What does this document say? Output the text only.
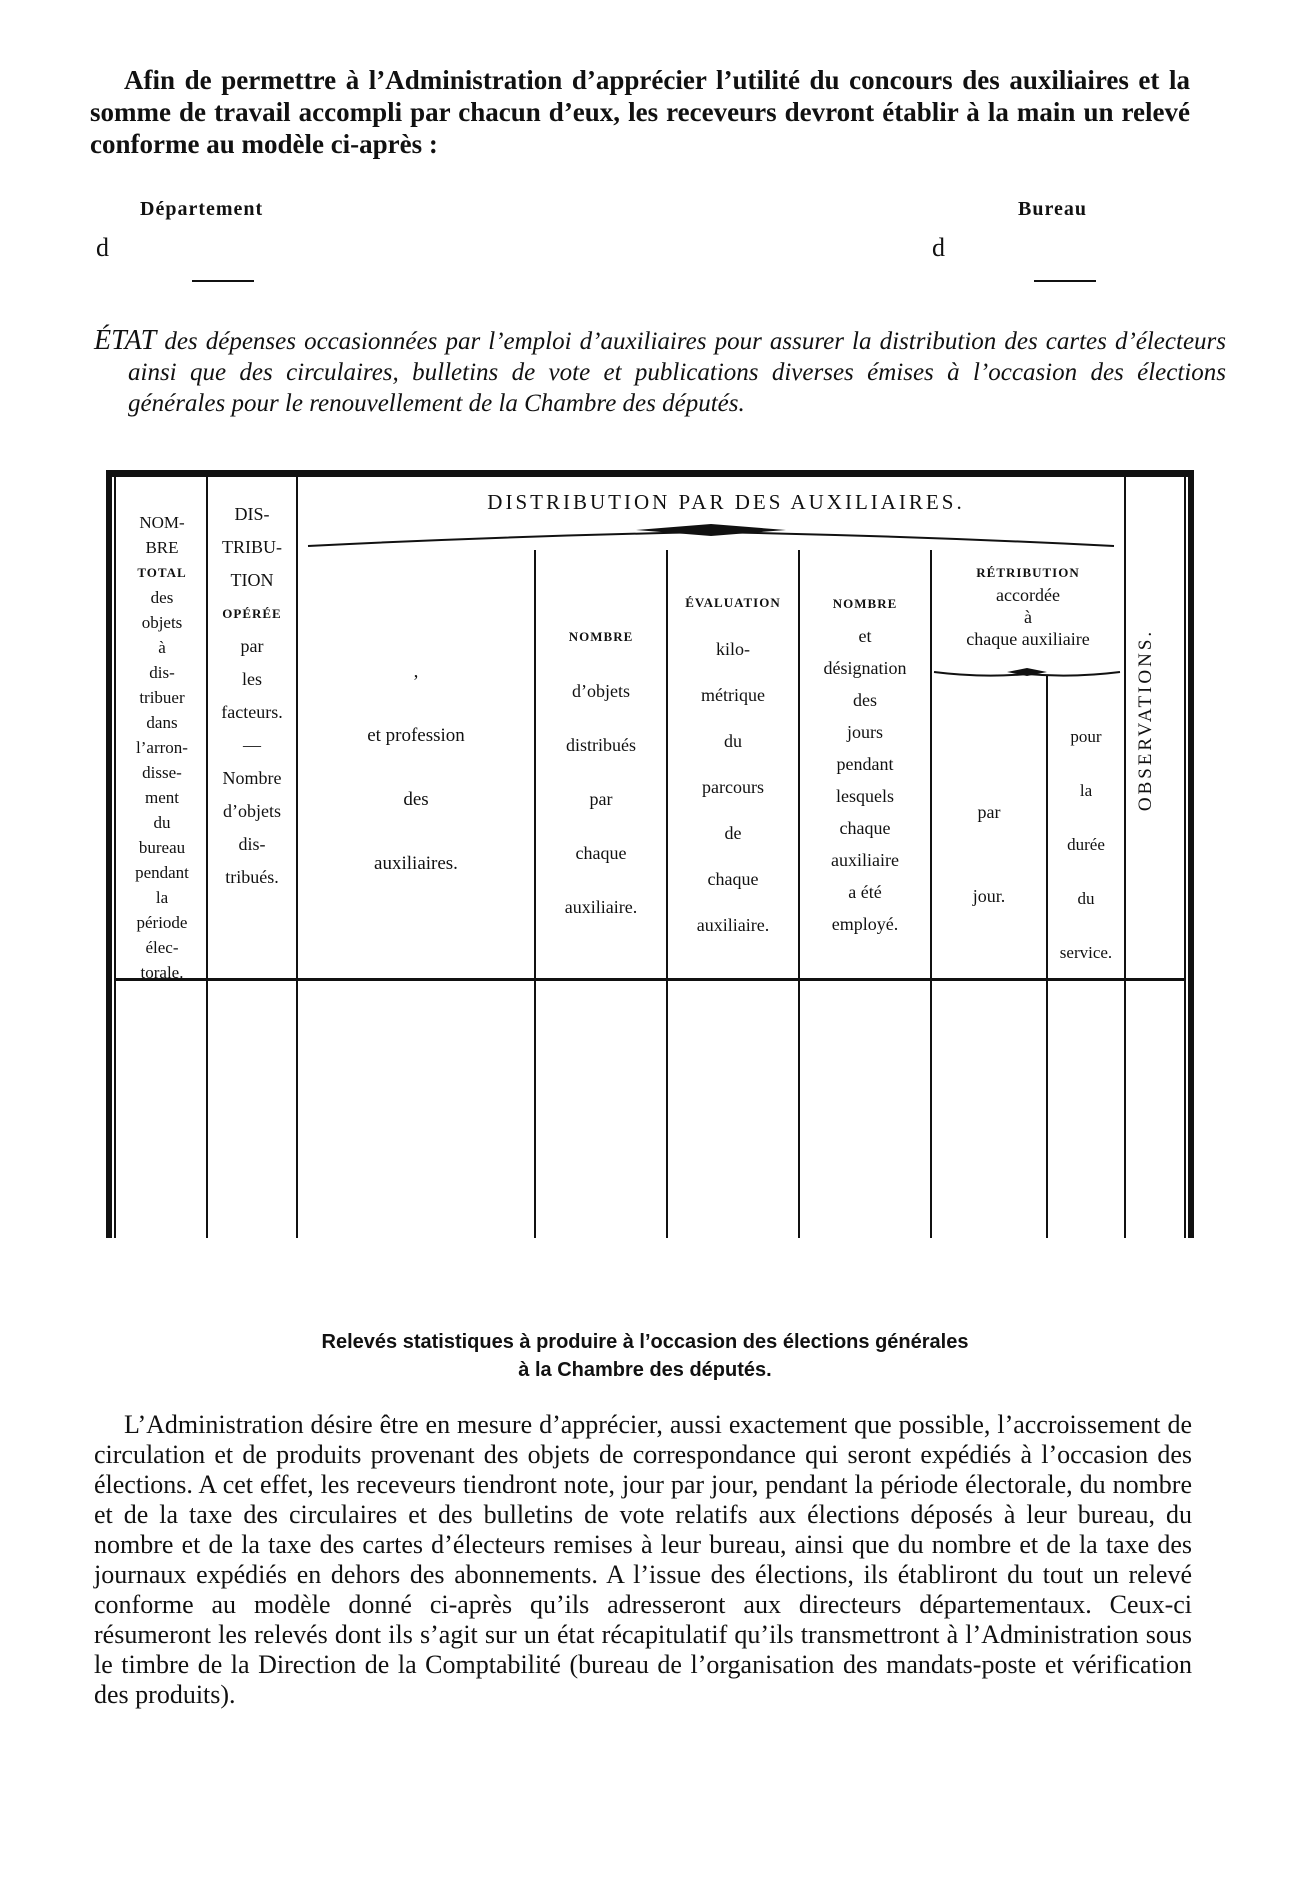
Afin de permettre à l’Administration d’apprécier l’utilité du concours des auxiliaires et la somme de travail accompli par chacun d’eux, les receveurs devront établir à la main un relevé conforme au modèle ci-après :

Département	Bureau
d	d
ÉTAT des dépenses occasionnées par l’emploi d’auxiliaires pour assurer la distribution des cartes d’électeurs ainsi que des circulaires, bulletins de vote et publications diverses émises à l’occasion des élections générales pour le renouvellement de la Chambre des députés.
DISTRIBUTION PAR DES AUXILIAIRES.
NOM-
BRE
TOTAL
des
objets
à
dis-
tribuer
dans
l’arron-
disse-
ment
du
bureau
pendant
la
période
élec-
torale.
DIS-
TRIBU-
TION
OPÉRÉE
par
les
facteurs.
—
Nombre
d’objets
dis-
tribués.
,
et profession
des
auxiliaires.
NOMBRE
d’objets
distribués
par
chaque
auxiliaire.
ÉVALUATION
kilo-
métrique
du
parcours
de
chaque
auxiliaire.
NOMBRE
et
désignation
des
jours
pendant
lesquels
chaque
auxiliaire
a été
employé.
RÉTRIBUTION
accordée
à
chaque auxiliaire
par
jour.
pour
la
durée
du
service.
OBSERVATIONS.
Relevés statistiques à produire à l’occasion des élections générales
à la Chambre des députés.

L’Administration désire être en mesure d’apprécier, aussi exactement que possible, l’accroissement de circulation et de produits provenant des objets de correspondance qui seront expédiés à l’occasion des élections. A cet effet, les receveurs tiendront note, jour par jour, pendant la période électorale, du nombre et de la taxe des circulaires et des bulletins de vote relatifs aux élections déposés à leur bureau, du nombre et de la taxe des cartes d’électeurs remises à leur bureau, ainsi que du nombre et de la taxe des journaux expédiés en dehors des abonnements. A l’issue des élections, ils établiront du tout un relevé conforme au modèle donné ci-après qu’ils adresseront aux directeurs départementaux. Ceux-ci résumeront les relevés dont ils s’agit sur un état récapitulatif qu’ils transmettront à l’Administration sous le timbre de la Direction de la Comptabilité (bureau de l’organisation des mandats-poste et vérification des produits).
